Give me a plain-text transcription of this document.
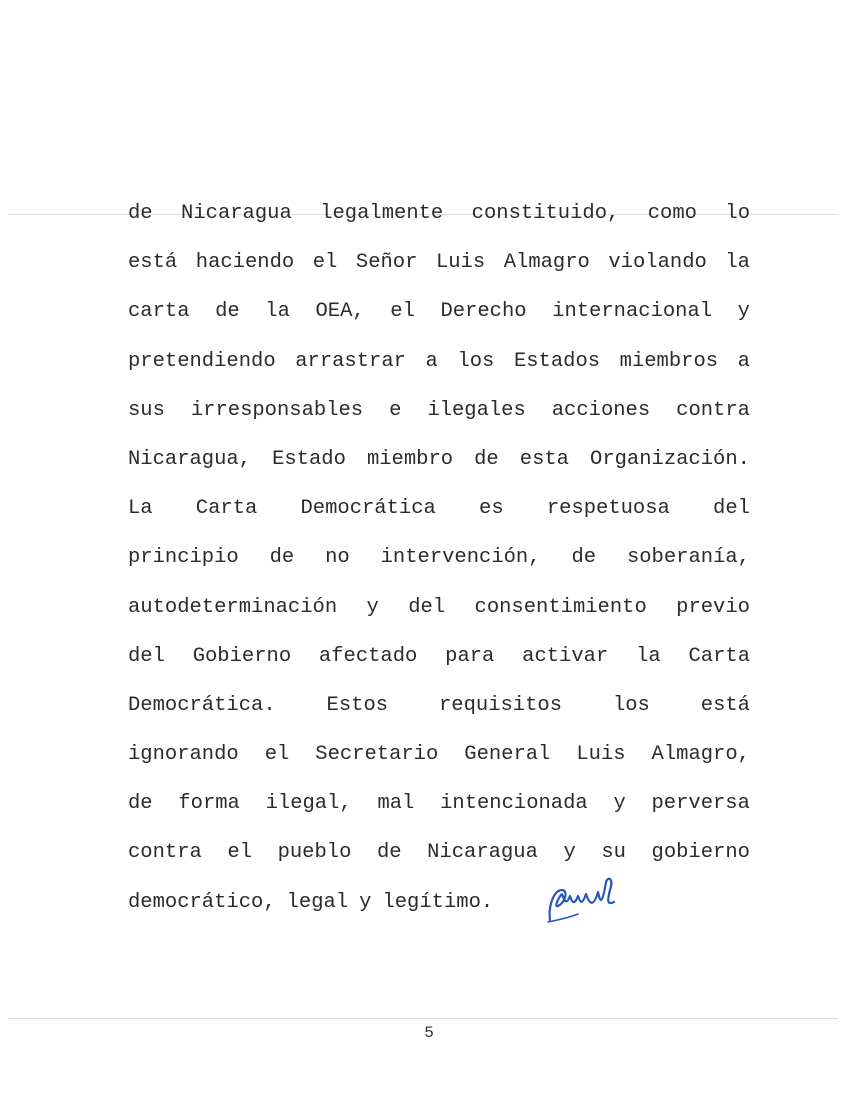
de Nicaragua legalmente constituido, como lo
está haciendo el Señor Luis Almagro violando la
carta de la OEA, el Derecho internacional y
pretendiendo arrastrar a los Estados miembros a
sus irresponsables e ilegales acciones contra
Nicaragua, Estado miembro de esta Organización.
La Carta Democrática es respetuosa del
principio de no intervención, de soberanía,
autodeterminación y del consentimiento previo
del Gobierno afectado para activar la Carta
Democrática. Estos requisitos los está
ignorando el Secretario General Luis Almagro,
de forma ilegal, mal intencionada y perversa
contra el pueblo de Nicaragua y su gobierno
democrático, legal y legítimo.
5
